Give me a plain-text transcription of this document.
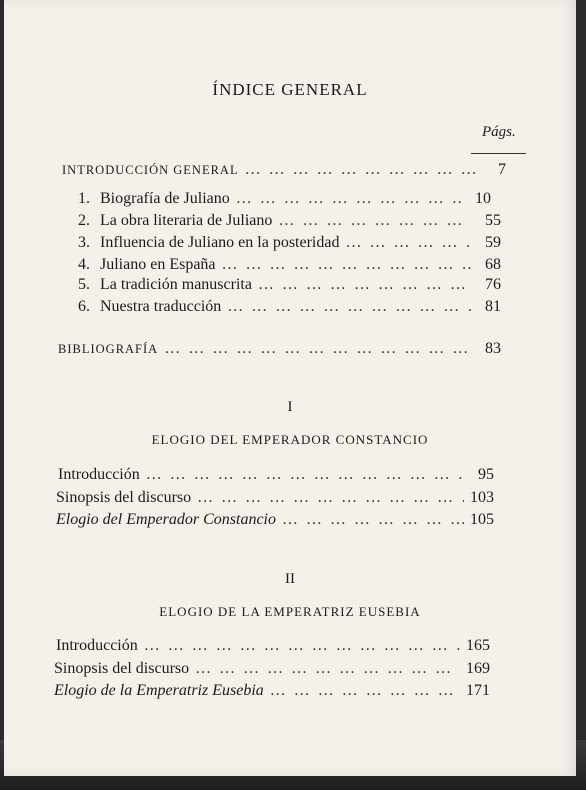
ÍNDICE GENERAL
Págs.
INTRODUCCIÓN GENERAL … … … … … … … … … … … … … … … … … … … … … … … … …	7
1. Biografía de Juliano … … … … … … … … … … … … … … … … … … … … … … … … …	10
2. La obra literaria de Juliano … … … … … … … … … … … … … … … … … … … … … … … … …	55
3. Influencia de Juliano en la posteridad … … … … … … … … … … … … … … … … … … … … … … … … …	59
4. Juliano en España … … … … … … … … … … … … … … … … … … … … … … … … …	68
5. La tradición manuscrita … … … … … … … … … … … … … … … … … … … … … … … … …	76
6. Nuestra traducción … … … … … … … … … … … … … … … … … … … … … … … … …	81
BIBLIOGRAFÍA … … … … … … … … … … … … … … … … … … … … … … … … …	83
I
ELOGIO DEL EMPERADOR CONSTANCIO
Introducción … … … … … … … … … … … … … … … … … … … … … … … … …	95
Sinopsis del discurso … … … … … … … … … … … … … … … … … … … … … … … … …	103
Elogio del Emperador Constancio … … … … … … … … … … … … … … … … … … … … … … … … …	105
II
ELOGIO DE LA EMPERATRIZ EUSEBIA
Introducción … … … … … … … … … … … … … … … … … … … … … … … … …	165
Sinopsis del discurso … … … … … … … … … … … … … … … … … … … … … … … … …	169
Elogio de la Emperatriz Eusebia … … … … … … … … … … … … … … … … … … … … … … … … …	171
